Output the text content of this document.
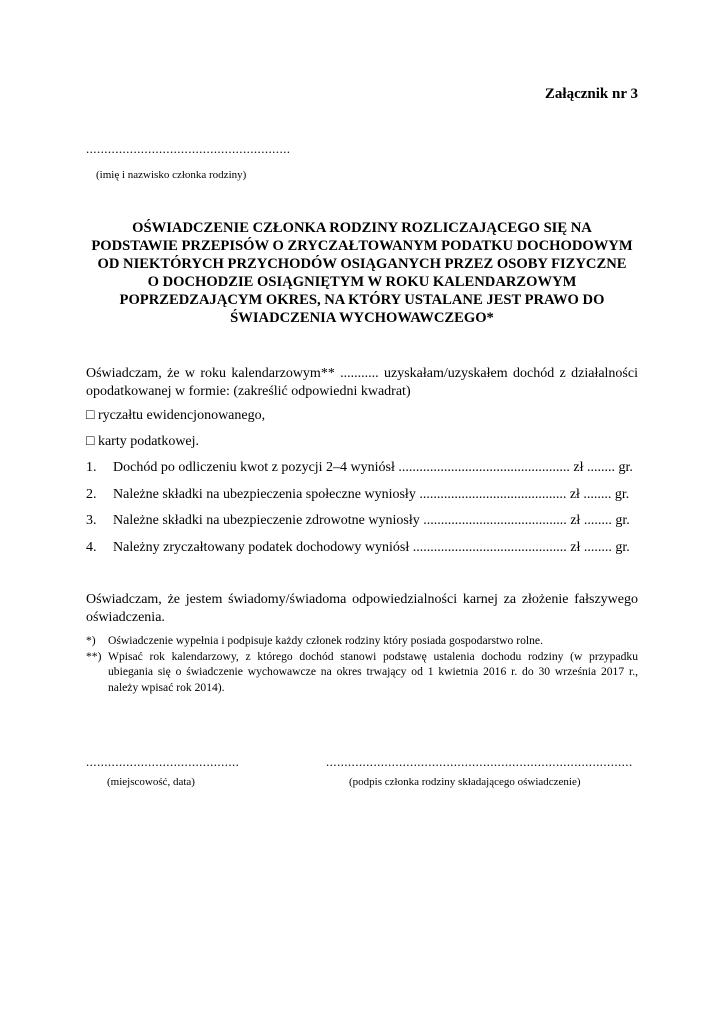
Załącznik nr 3
........................................................
(imię i nazwisko członka rodziny)
OŚWIADCZENIE CZŁONKA RODZINY ROZLICZAJĄCEGO SIĘ NA
PODSTAWIE PRZEPISÓW O ZRYCZAŁTOWANYM PODATKU DOCHODOWYM
OD NIEKTÓRYCH PRZYCHODÓW OSIĄGANYCH PRZEZ OSOBY FIZYCZNE
O DOCHODZIE OSIĄGNIĘTYM W ROKU KALENDARZOWYM
POPRZEDZAJĄCYM OKRES, NA KTÓRY USTALANE JEST PRAWO DO
ŚWIADCZENIA WYCHOWAWCZEGO*
Oświadczam, że w roku kalendarzowym** ........... uzyskałam/uzyskałem dochód z działalności
opodatkowanej w formie: (zakreślić odpowiedni kwadrat)
□ ryczałtu ewidencjonowanego,
□ karty podatkowej.
1. Dochód po odliczeniu kwot z pozycji 2–4 wyniósł ................................................. zł ........ gr.
2. Należne składki na ubezpieczenia społeczne wyniosły .......................................... zł ........ gr.
3. Należne składki na ubezpieczenie zdrowotne wyniosły ......................................... zł ........ gr.
4. Należny zryczałtowany podatek dochodowy wyniósł ............................................ zł ........ gr.
Oświadczam, że jestem świadomy/świadoma odpowiedzialności karnej za złożenie fałszywego
oświadczenia.
*) Oświadczenie wypełnia i podpisuje każdy członek rodziny który posiada gospodarstwo rolne.
**) Wpisać rok kalendarzowy, z którego dochód stanowi podstawę ustalenia dochodu rodziny (w przypadku
ubiegania się o świadczenie wychowawcze na okres trwający od 1 kwietnia 2016 r. do 30 września 2017 r.,
należy wpisać rok 2014).
..........................................	....................................................................................
(miejscowość, data)	(podpis członka rodziny składającego oświadczenie)
